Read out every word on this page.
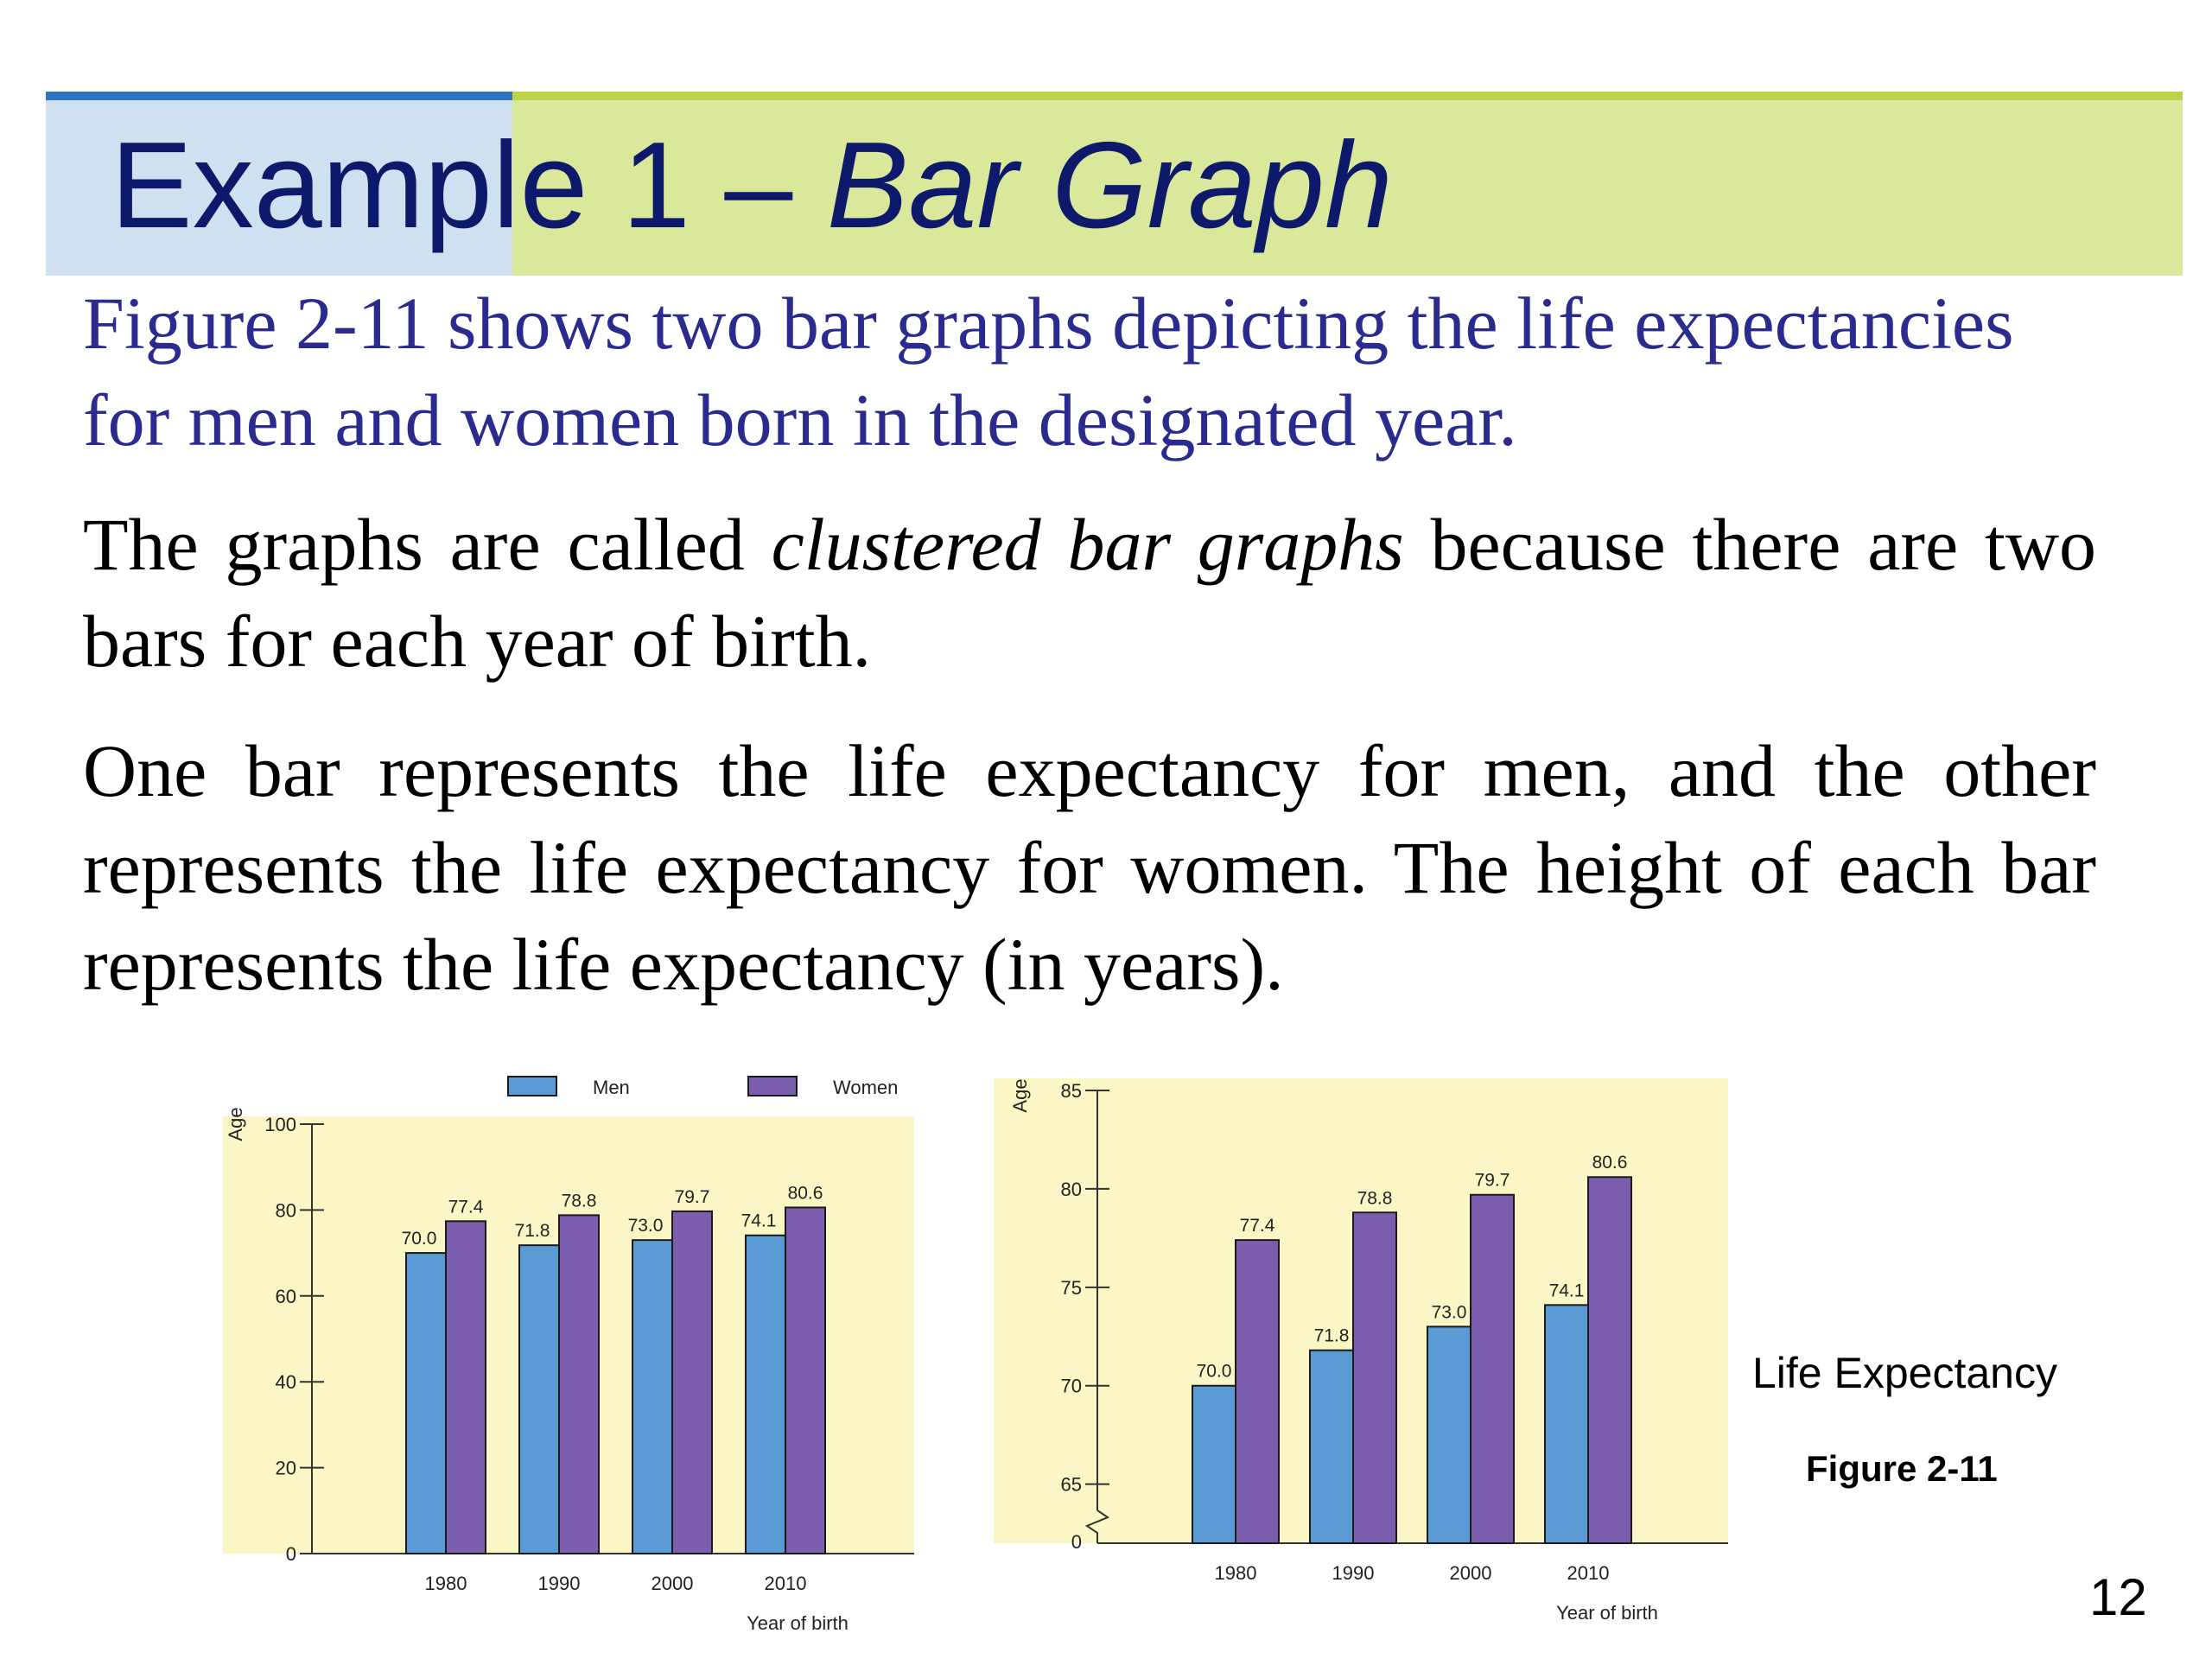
Example 1 – Bar Graph

Figure 2-11 shows two bar graphs depicting the life expectancies for men and women born in the designated year.

The graphs are called clustered bar graphs because there are two bars for each year of birth.

One bar represents the life expectancy for men, and the other represents the life expectancy for women. The height of each bar represents the life expectancy (in years).

0
20
40
60
80
100
Age
70.0
77.4
1980
71.8
78.8
1990
73.0
79.7
2000
74.1
80.6
2010
Year of birth
Men	Women
65
70
75
80
85
0
Age
70.0
77.4
1980
71.8
78.8
1990
73.0
79.7
2000
74.1
80.6
2010
Year of birth

Life Expectancy

Figure 2-11

12
